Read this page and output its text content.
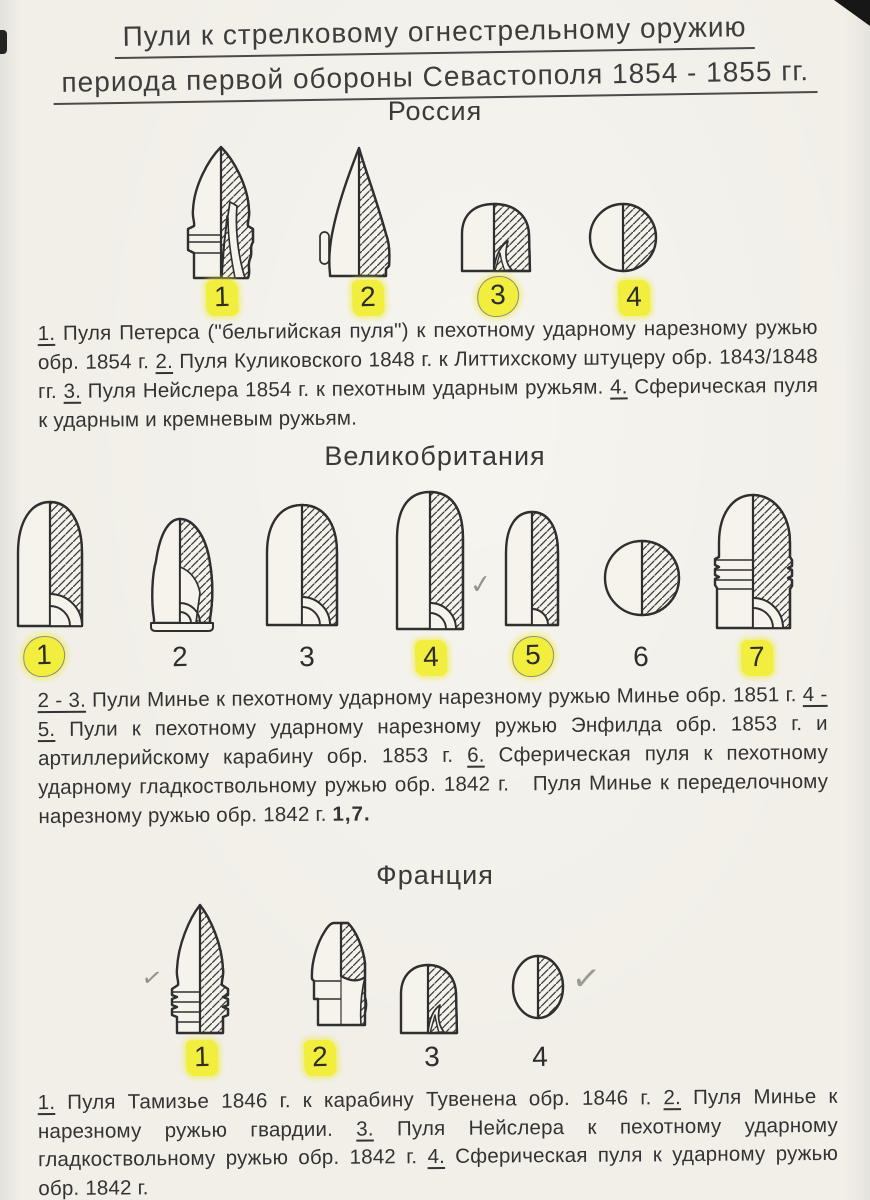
Пули к стрелковому огнестрельному оружию
периода первой обороны Севастополя 1854 - 1855 гг.
Россия
1	2	3	4

1. Пуля Петерса ("бельгийская пуля") к пехотному ударному нарезному ружью обр. 1854 г. 2. Пуля Куликовского 1848 г. к Литтихскому штуцеру обр. 1843/1848 гг. 3. Пуля Нейслера 1854 г. к пехотным ударным ружьям. 4. Сферическая пуля к ударным и кремневым ружьям.

Великобритания
✓
1	2	3	4	5	6	7

2 - 3. Пули Минье к пехотному ударному нарезному ружью Минье обр. 1851 г. 4 - 5. Пули к пехотному ударному нарезному ружью Энфилда обр. 1853 г. и артиллерийскому карабину обр. 1853 г. 6. Сферическая пуля к пехотному ударному гладкоствольному ружью обр. 1842 г.   Пуля Минье к переделочному нарезному ружью обр. 1842 г. 1,7.

Франция
✓	✓
1	2	3	4

1. Пуля Тамизье 1846 г. к карабину Тувенена обр. 1846 г. 2. Пуля Минье к нарезному ружью гвардии. 3. Пуля Нейслера к пехотному ударному гладкоствольному ружью обр. 1842 г. 4. Сферическая пуля к ударному ружью обр. 1842 г.
